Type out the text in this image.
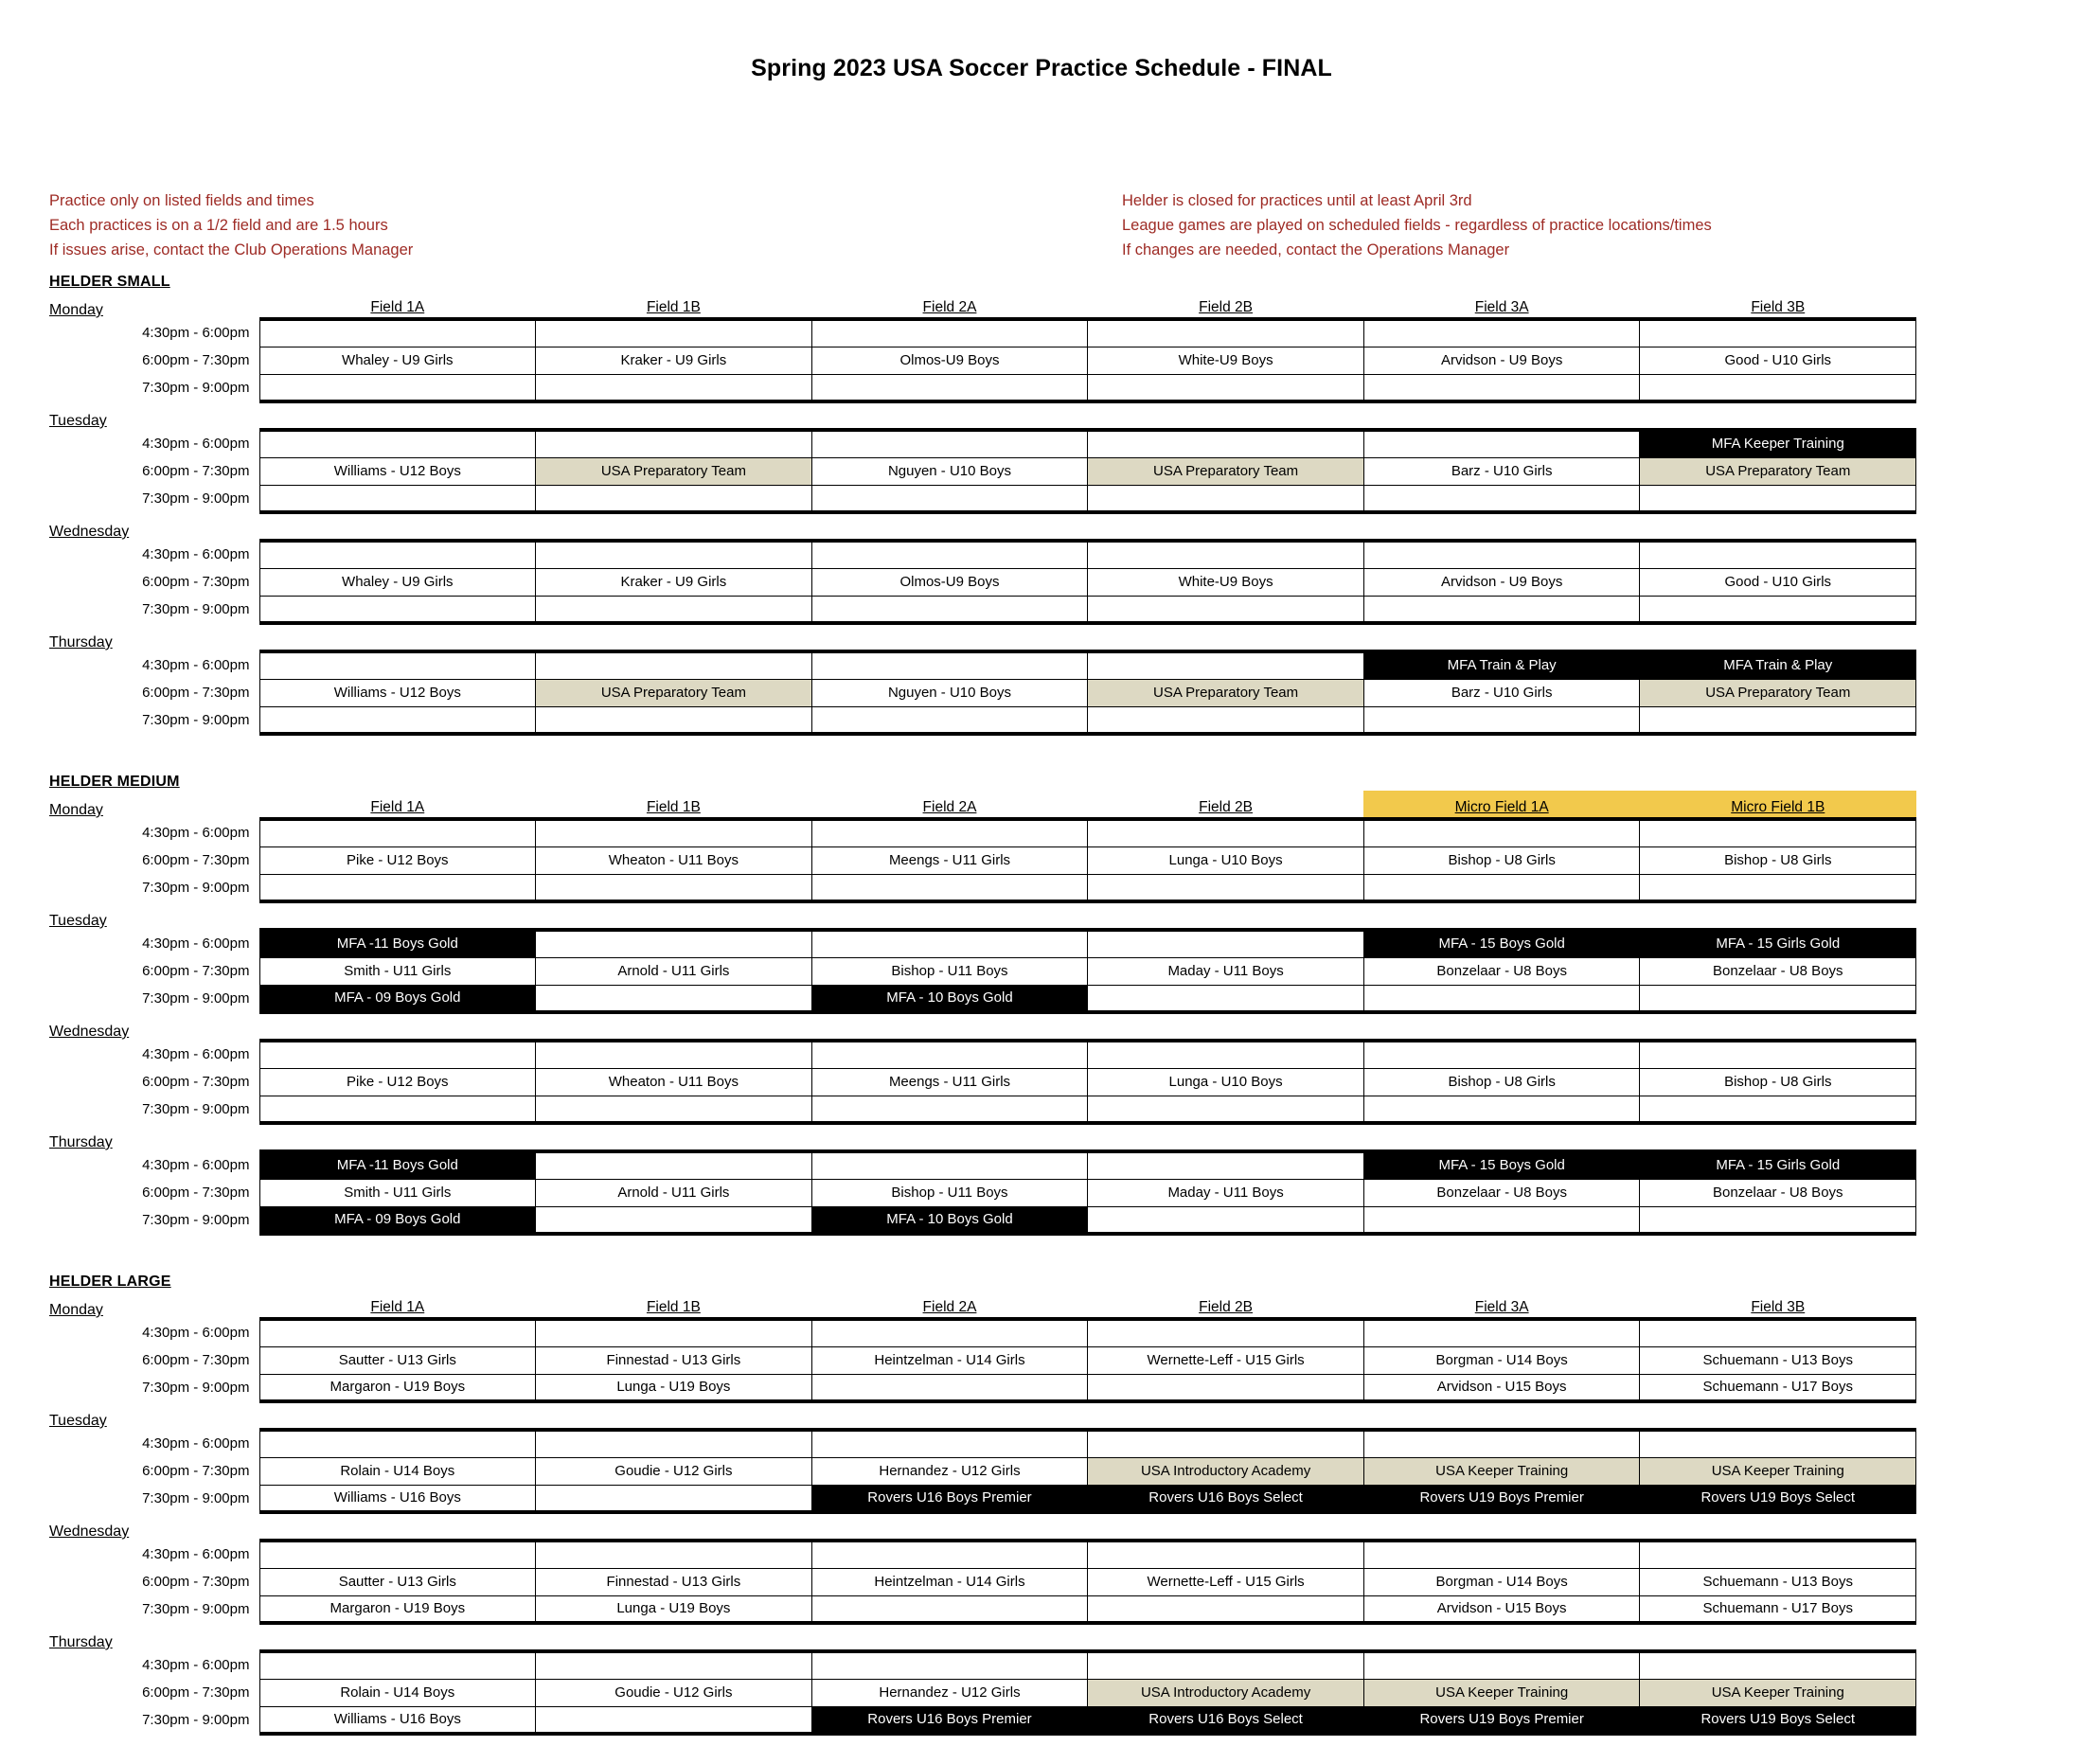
Spring 2023 USA Soccer Practice Schedule - FINAL
Practice only on listed fields and times
Each practices is on a 1/2 field and are 1.5 hours
If issues arise, contact the Club Operations Manager
Helder is closed for practices until at least April 3rd
League games are played on scheduled fields - regardless of practice locations/times
If changes are needed, contact the Operations Manager
HELDER SMALL
Monday	Field 1A	Field 1B	Field 2A	Field 2B	Field 3A	Field 3B
4:30pm - 6:00pm						
6:00pm - 7:30pm	Whaley - U9 Girls	Kraker - U9 Girls	Olmos-U9 Boys	White-U9 Boys	Arvidson - U9 Boys	Good - U10 Girls
7:30pm - 9:00pm						
Tuesday						
4:30pm - 6:00pm						MFA Keeper Training
6:00pm - 7:30pm	Williams - U12 Boys	USA Preparatory Team	Nguyen - U10 Boys	USA Preparatory Team	Barz - U10 Girls	USA Preparatory Team
7:30pm - 9:00pm						
Wednesday						
4:30pm - 6:00pm						
6:00pm - 7:30pm	Whaley - U9 Girls	Kraker - U9 Girls	Olmos-U9 Boys	White-U9 Boys	Arvidson - U9 Boys	Good - U10 Girls
7:30pm - 9:00pm						
Thursday						
4:30pm - 6:00pm					MFA Train & Play	MFA Train & Play
6:00pm - 7:30pm	Williams - U12 Boys	USA Preparatory Team	Nguyen - U10 Boys	USA Preparatory Team	Barz - U10 Girls	USA Preparatory Team
7:30pm - 9:00pm						
HELDER MEDIUM
Monday	Field 1A	Field 1B	Field 2A	Field 2B	Micro Field 1A	Micro Field 1B
4:30pm - 6:00pm						
6:00pm - 7:30pm	Pike - U12 Boys	Wheaton - U11 Boys	Meengs - U11 Girls	Lunga - U10 Boys	Bishop - U8 Girls	Bishop - U8 Girls
7:30pm - 9:00pm						
Tuesday						
4:30pm - 6:00pm	MFA -11 Boys Gold				MFA - 15 Boys Gold	MFA - 15 Girls Gold
6:00pm - 7:30pm	Smith - U11 Girls	Arnold - U11 Girls	Bishop - U11 Boys	Maday - U11 Boys	Bonzelaar - U8 Boys	Bonzelaar - U8 Boys
7:30pm - 9:00pm	MFA - 09 Boys Gold		MFA - 10 Boys Gold			
Wednesday						
4:30pm - 6:00pm						
6:00pm - 7:30pm	Pike - U12 Boys	Wheaton - U11 Boys	Meengs - U11 Girls	Lunga - U10 Boys	Bishop - U8 Girls	Bishop - U8 Girls
7:30pm - 9:00pm						
Thursday						
4:30pm - 6:00pm	MFA -11 Boys Gold				MFA - 15 Boys Gold	MFA - 15 Girls Gold
6:00pm - 7:30pm	Smith - U11 Girls	Arnold - U11 Girls	Bishop - U11 Boys	Maday - U11 Boys	Bonzelaar - U8 Boys	Bonzelaar - U8 Boys
7:30pm - 9:00pm	MFA - 09 Boys Gold		MFA - 10 Boys Gold			
HELDER LARGE
Monday	Field 1A	Field 1B	Field 2A	Field 2B	Field 3A	Field 3B
4:30pm - 6:00pm						
6:00pm - 7:30pm	Sautter - U13 Girls	Finnestad - U13 Girls	Heintzelman - U14 Girls	Wernette-Leff - U15 Girls	Borgman - U14 Boys	Schuemann - U13 Boys
7:30pm - 9:00pm	Margaron - U19 Boys	Lunga - U19 Boys			Arvidson - U15 Boys	Schuemann - U17 Boys
Tuesday						
4:30pm - 6:00pm						
6:00pm - 7:30pm	Rolain - U14 Boys	Goudie - U12 Girls	Hernandez - U12 Girls	USA Introductory Academy	USA Keeper Training	USA Keeper Training
7:30pm - 9:00pm	Williams - U16 Boys		Rovers U16 Boys Premier	Rovers U16 Boys Select	Rovers U19 Boys Premier	Rovers U19 Boys Select
Wednesday						
4:30pm - 6:00pm						
6:00pm - 7:30pm	Sautter - U13 Girls	Finnestad - U13 Girls	Heintzelman - U14 Girls	Wernette-Leff - U15 Girls	Borgman - U14 Boys	Schuemann - U13 Boys
7:30pm - 9:00pm	Margaron - U19 Boys	Lunga - U19 Boys			Arvidson - U15 Boys	Schuemann - U17 Boys
Thursday						
4:30pm - 6:00pm						
6:00pm - 7:30pm	Rolain - U14 Boys	Goudie - U12 Girls	Hernandez - U12 Girls	USA Introductory Academy	USA Keeper Training	USA Keeper Training
7:30pm - 9:00pm	Williams - U16 Boys		Rovers U16 Boys Premier	Rovers U16 Boys Select	Rovers U19 Boys Premier	Rovers U19 Boys Select
